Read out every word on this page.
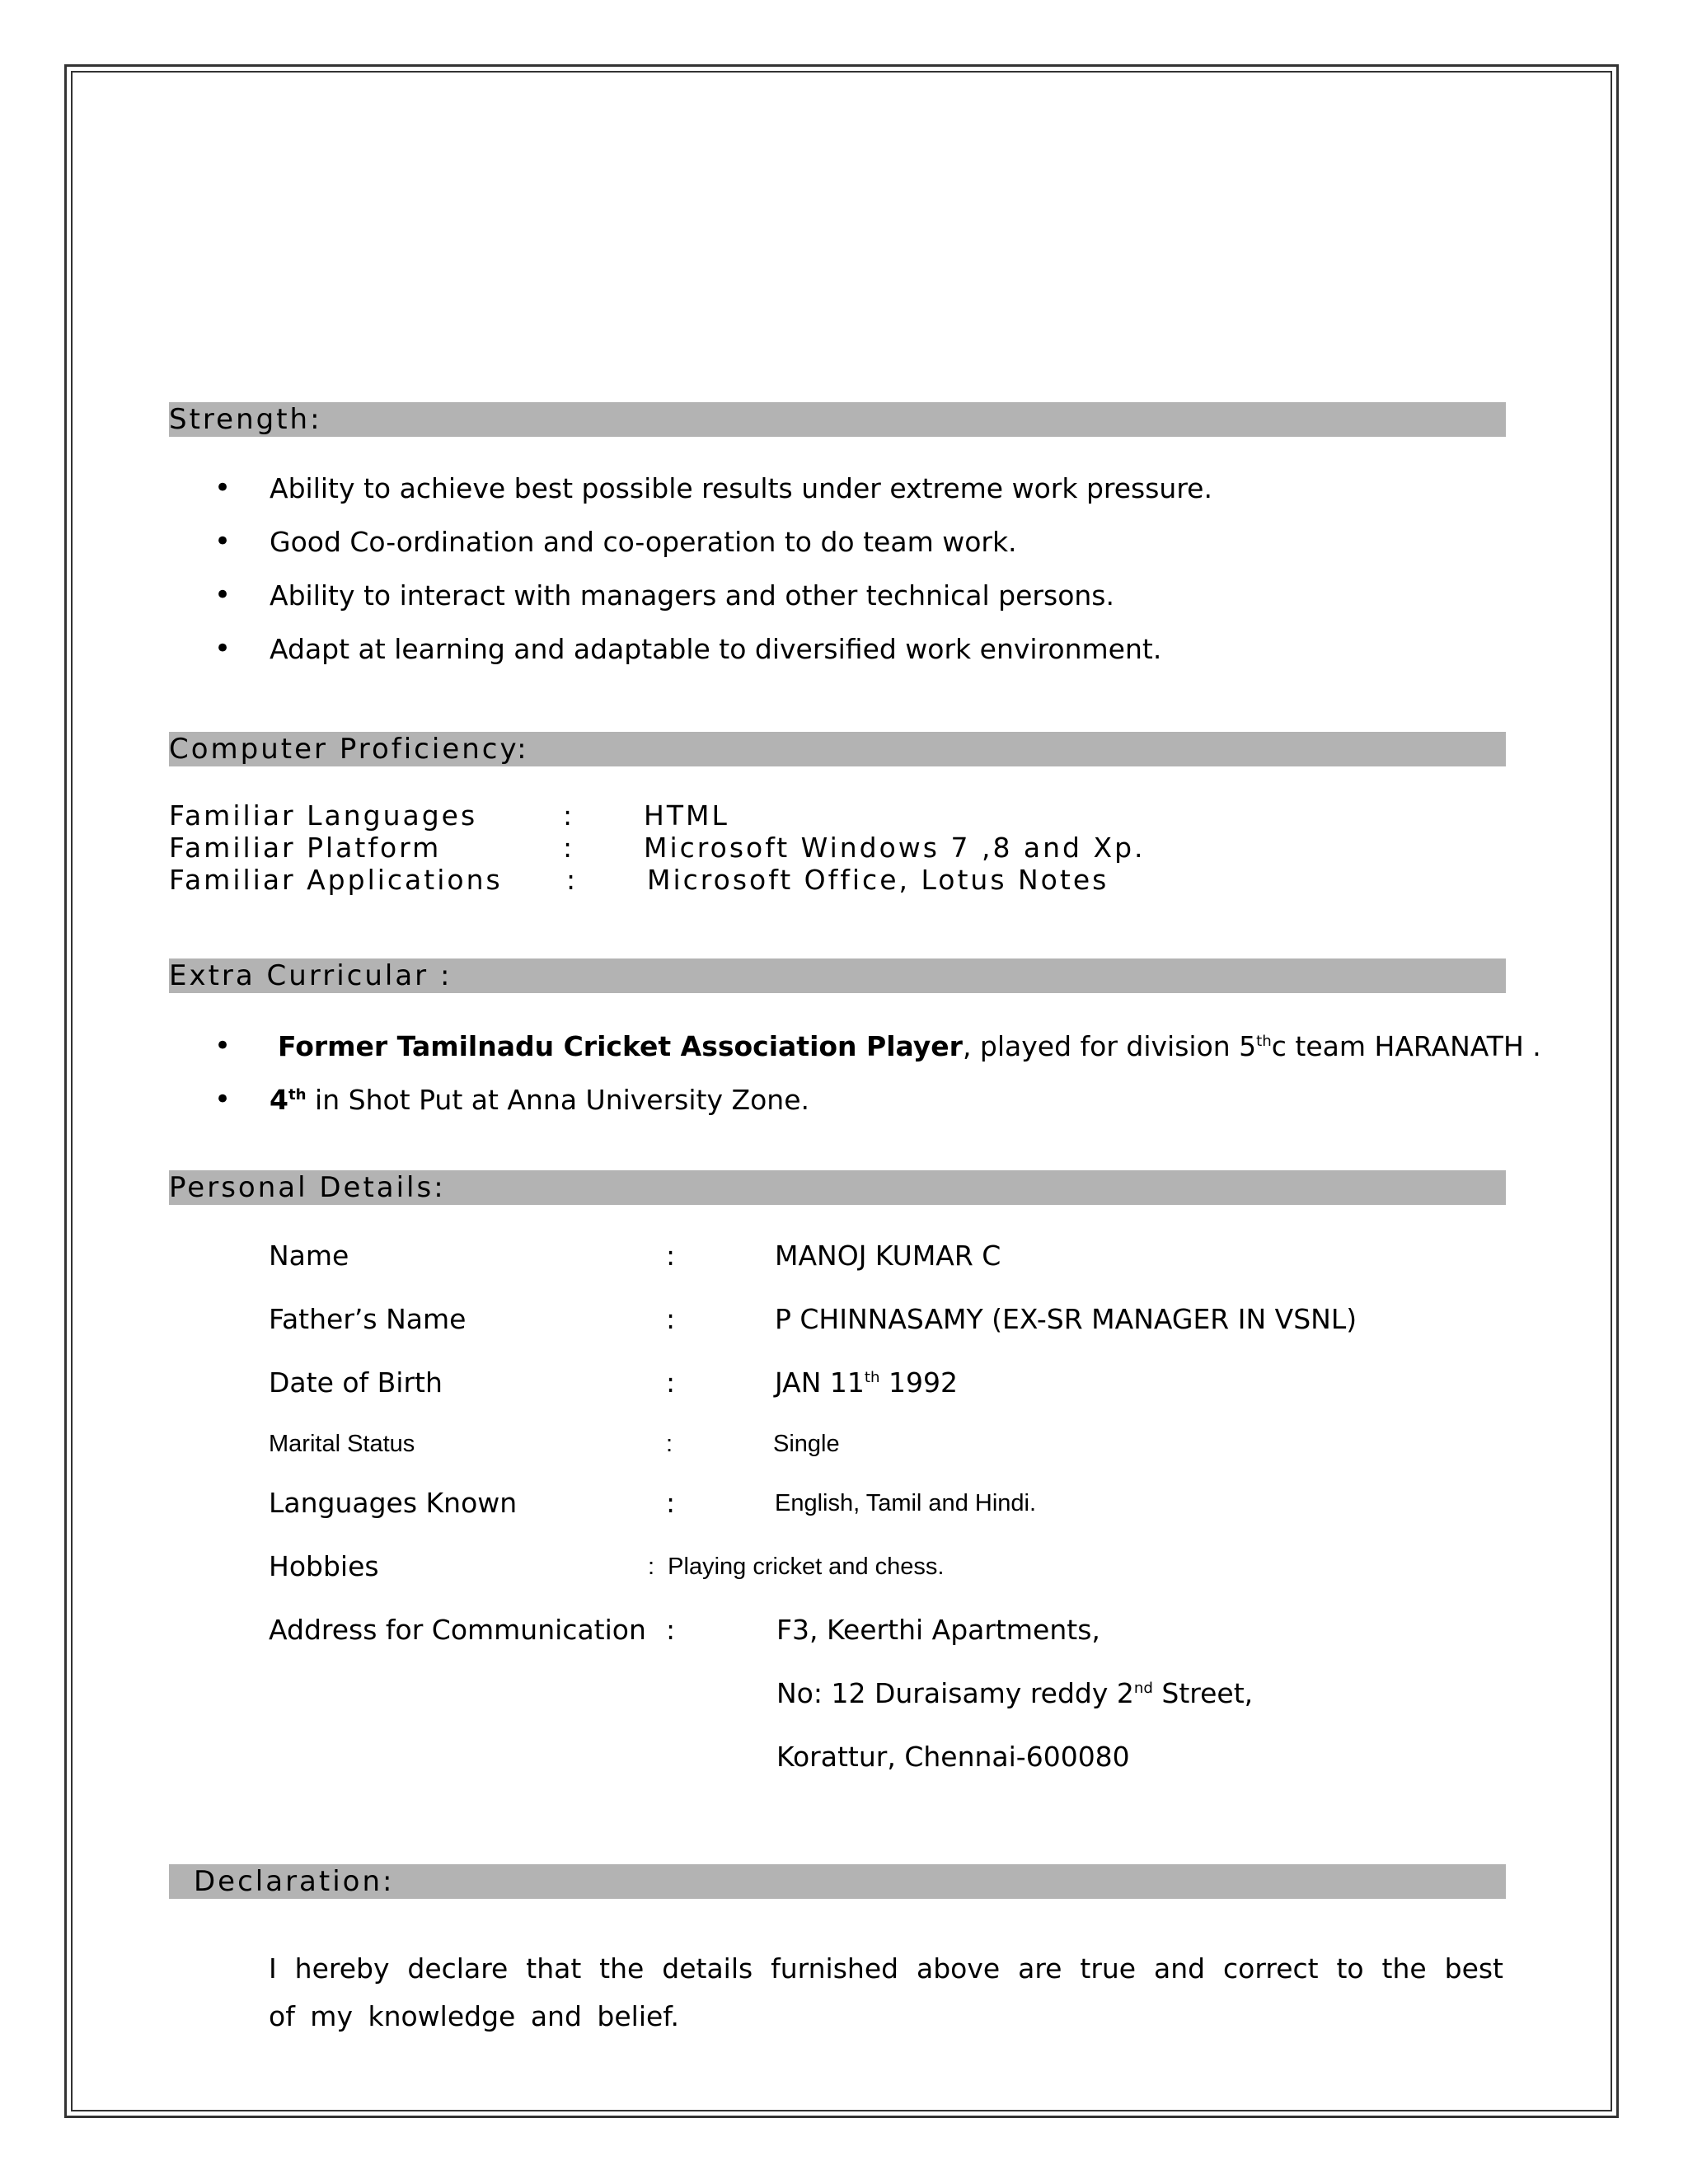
Strength:
• Ability to achieve best possible results under extreme work pressure.
• Good Co-ordination and co-operation to do team work.
• Ability to interact with managers and other technical persons.
• Adapt at learning and adaptable to diversified work environment.
Computer Proficiency:
Familiar Languages	:	HTML
Familiar Platform	:	Microsoft Windows 7 ,8 and Xp.
Familiar Applications :	Microsoft Office, Lotus Notes
Extra Curricular :
• Former Tamilnadu Cricket Association Player, played for division 5thc team HARANATH .
• 4th in Shot Put at Anna University Zone.
Personal Details:
Name	:	MANOJ KUMAR C
Father’s Name	:	P CHINNASAMY (EX-SR MANAGER IN VSNL)
Date of Birth	:	JAN 11th 1992
Marital Status	:	Single
Languages Known	:	English, Tamil and Hindi.
Hobbies	:  Playing cricket and chess.
Address for Communication :	F3, Keerthi Apartments,
No: 12 Duraisamy reddy 2nd Street,
Korattur, Chennai-600080
Declaration:
I hereby declare that the details furnished above are true and correct to the best of my knowledge and belief.
